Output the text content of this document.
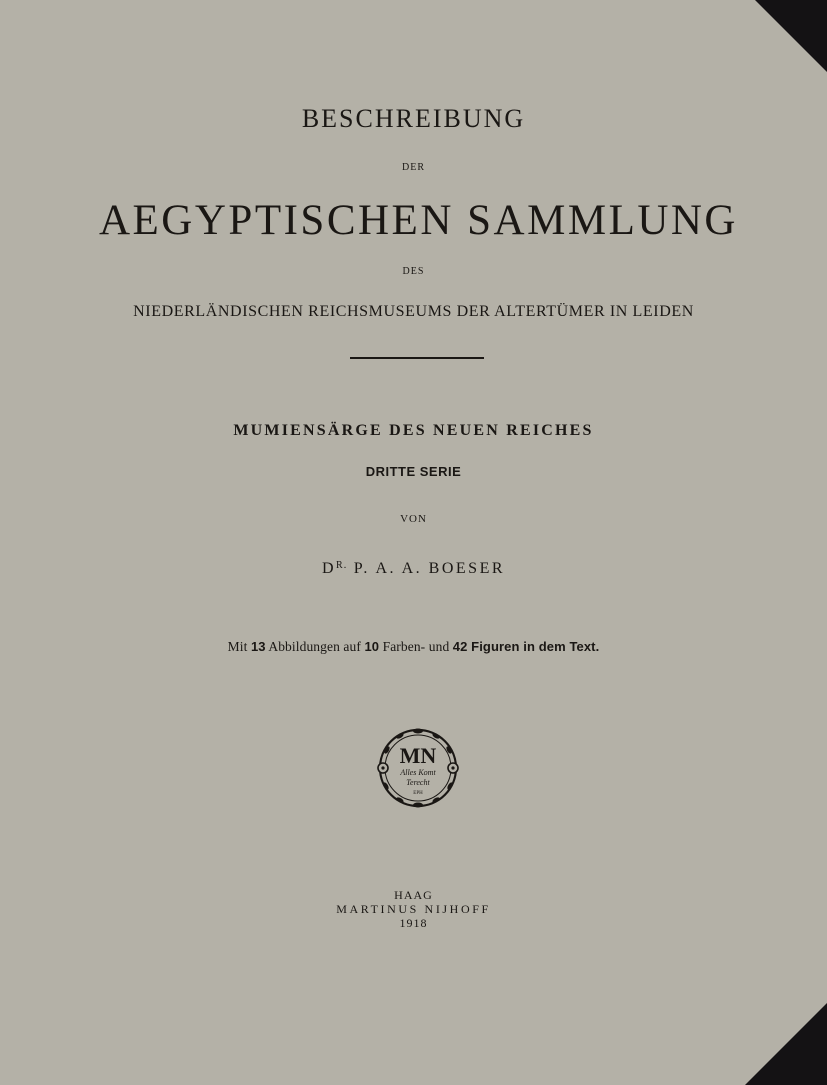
BESCHREIBUNG
DER
AEGYPTISCHEN SAMMLUNG
DES
NIEDERLÄNDISCHEN REICHSMUSEUMS DER ALTERTÜMER IN LEIDEN
MUMIENSÄRGE DES NEUEN REICHES
DRITTE SERIE
VON
$D^{R.}$ P. A. A. BOESER
Mit 13 Abbildungen auf 10 Farben- und 42 Figuren in dem Text.
MN
Alles Komt
Terecht
EPH
HAAG
MARTINUS NIJHOFF
1918
